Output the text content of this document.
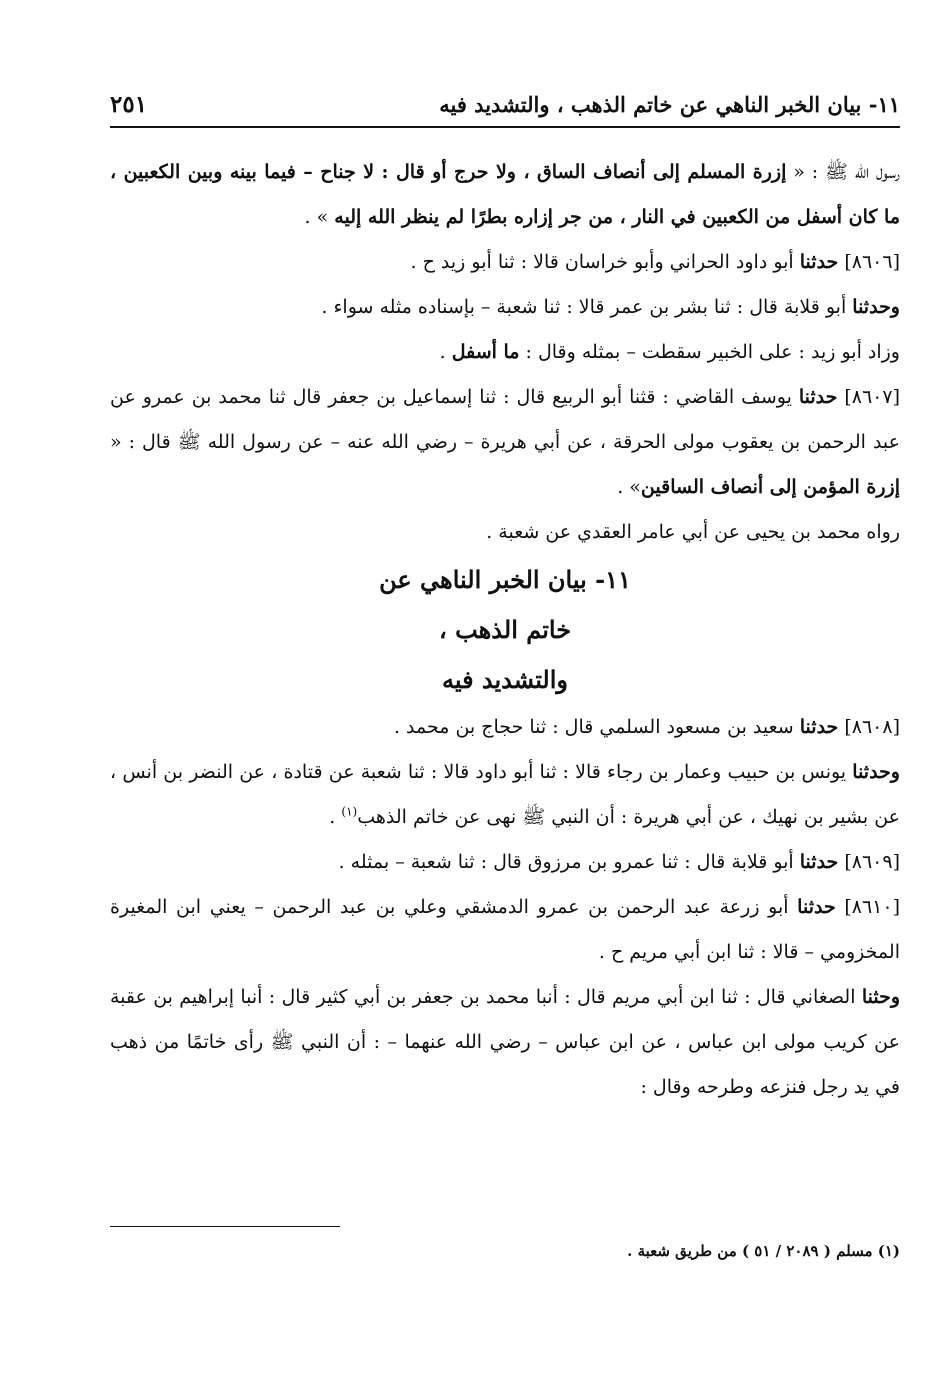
١١- بيان الخبر الناهي عن خاتم الذهب ، والتشديد فيه
٢٥١

رسول الله ﷺ : « إزرة المسلم إلى أنصاف الساق ، ولا حرج أو قال : لا جناح – فيما بينه وبين الكعبين ، ما كان أسفل من الكعبين في النار ، من جر إزاره بطرًا لم ينظر الله إليه » .

[٨٦٠٦] حدثنا أبو داود الحراني وأبو خراسان قالا : ثنا أبو زيد ح .

وحدثنا أبو قلابة قال : ثنا بشر بن عمر قالا : ثنا شعبة – بإسناده مثله سواء .

وزاد أبو زيد : على الخبير سقطت – بمثله وقال : ما أسفل .

[٨٦٠٧] حدثنا يوسف القاضي : قثنا أبو الربيع قال : ثنا إسماعيل بن جعفر قال ثنا محمد بن عمرو عن عبد الرحمن بن يعقوب مولى الحرقة ، عن أبي هريرة – رضي الله عنه – عن رسول الله ﷺ قال : « إزرة المؤمن إلى أنصاف الساقين» .

رواه محمد بن يحيى عن أبي عامر العقدي عن شعبة .

١١- بيان الخبر الناهي عن

خاتم الذهب ،

والتشديد فيه

[٨٦٠٨] حدثنا سعيد بن مسعود السلمي قال : ثنا حجاج بن محمد .

وحدثنا يونس بن حبيب وعمار بن رجاء قالا : ثنا أبو داود قالا : ثنا شعبة عن قتادة ، عن النضر بن أنس ، عن بشير بن نهيك ، عن أبي هريرة : أن النبي ﷺ نهى عن خاتم الذهب$^{(١)}$ .

[٨٦٠٩] حدثنا أبو قلابة قال : ثنا عمرو بن مرزوق قال : ثنا شعبة – بمثله .

[٨٦١٠] حدثنا أبو زرعة عبد الرحمن بن عمرو الدمشقي وعلي بن عبد الرحمن – يعني ابن المغيرة المخزومي – قالا : ثنا ابن أبي مريم ح .

وحثنا الصغاني قال : ثنا ابن أبي مريم قال : أنبا محمد بن جعفر بن أبي كثير قال : أنبا إبراهيم بن عقبة عن كريب مولى ابن عباس ، عن ابن عباس – رضي الله عنهما – : أن النبي ﷺ رأى خاتمًا من ذهب في يد رجل فنزعه وطرحه وقال :

(١) مسلم ( ٢٠٨٩ / ٥١ ) من طريق شعبة .
